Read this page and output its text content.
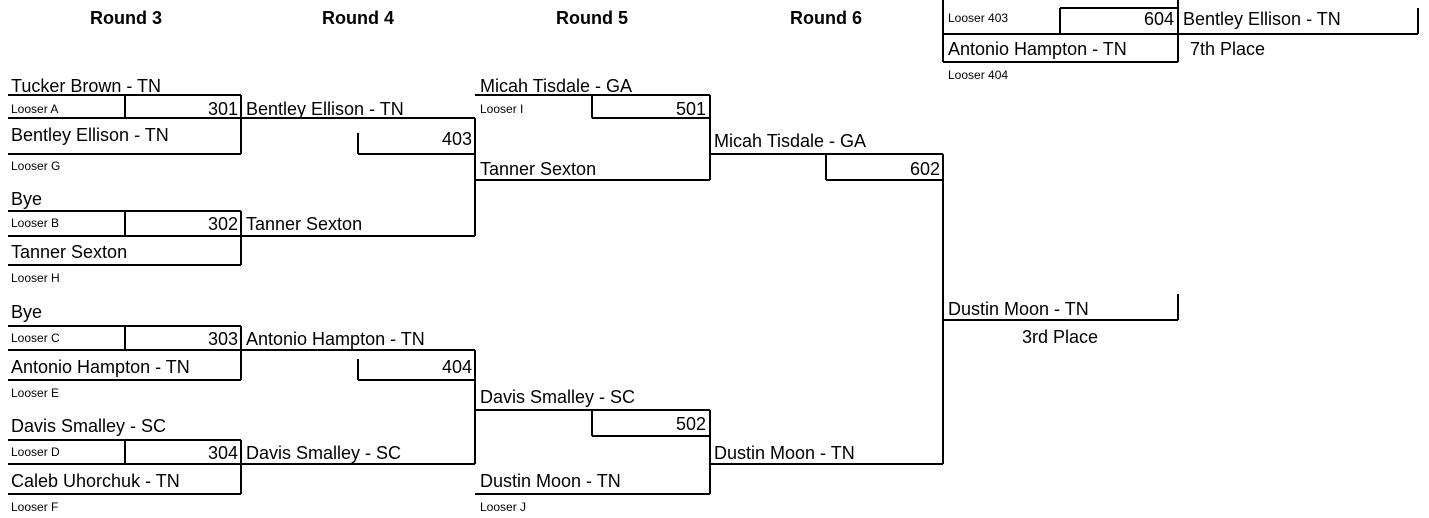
Round 3	Round 4	Round 5	Round 6
Tucker Brown - TN
Looser A	301
Bentley Ellison - TN
Looser G
Bye
Looser B	302
Tanner Sexton
Looser H
Bye
Looser C	303
Antonio Hampton - TN
Looser E
Davis Smalley - SC
Looser D	304
Caleb Uhorchuk - TN
Looser F
Bentley Ellison - TN
403
Tanner Sexton
Antonio Hampton - TN
404
Davis Smalley - SC
Micah Tisdale - GA
Looser I	501
Tanner Sexton
Davis Smalley - SC
502
Dustin Moon - TN
Looser J
Micah Tisdale - GA
602
Dustin Moon - TN
Dustin Moon - TN
3rd Place
Looser 403	604 Bentley Ellison - TN
Antonio Hampton - TN	7th Place
Looser 404
